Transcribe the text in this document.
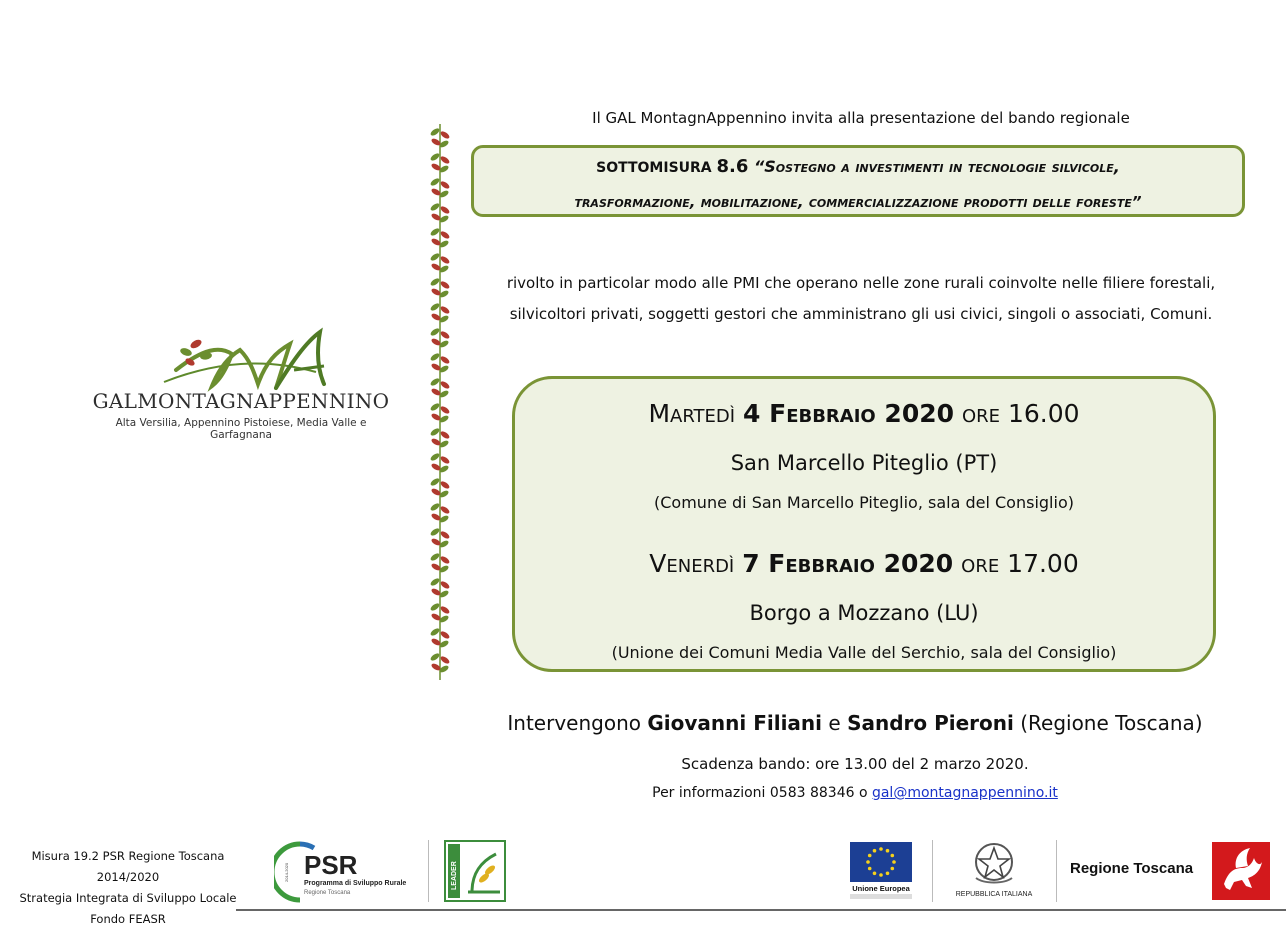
Il GAL MontagnAppennino invita alla presentazione del bando regionale
SOTTOMISURA 8.6 “Sostegno a investimenti in tecnologie silvicole,
trasformazione, mobilitazione, commercializzazione prodotti delle foreste”
rivolto in particolar modo alle PMI che operano nelle zone rurali coinvolte nelle filiere forestali,
silvicoltori privati, soggetti gestori che amministrano gli usi civici, singoli o associati, Comuni.
GALMONTAGNAPPENNINO
Alta Versilia, Appennino Pistoiese, Media Valle e Garfagnana
Martedì 4 Febbraio 2020 ore 16.00
San Marcello Piteglio (PT)
(Comune di San Marcello Piteglio, sala del Consiglio)
Venerdì 7 Febbraio 2020 ore 17.00
Borgo a Mozzano (LU)
(Unione dei Comuni Media Valle del Serchio, sala del Consiglio)
Intervengono Giovanni Filiani e Sandro Pieroni (Regione Toscana)
Scadenza bando: ore 13.00 del 2 marzo 2020.
Per informazioni 0583 88346 o gal@montagnappennino.it
Misura 19.2 PSR Regione Toscana 2014/2020
Strategia Integrata di Sviluppo Locale
Fondo FEASR
PSR
Programma di Sviluppo Rurale
Regione Toscana
2014-2020	LEADER	Unione Europea
REPUBBLICA ITALIANA
Regione Toscana
